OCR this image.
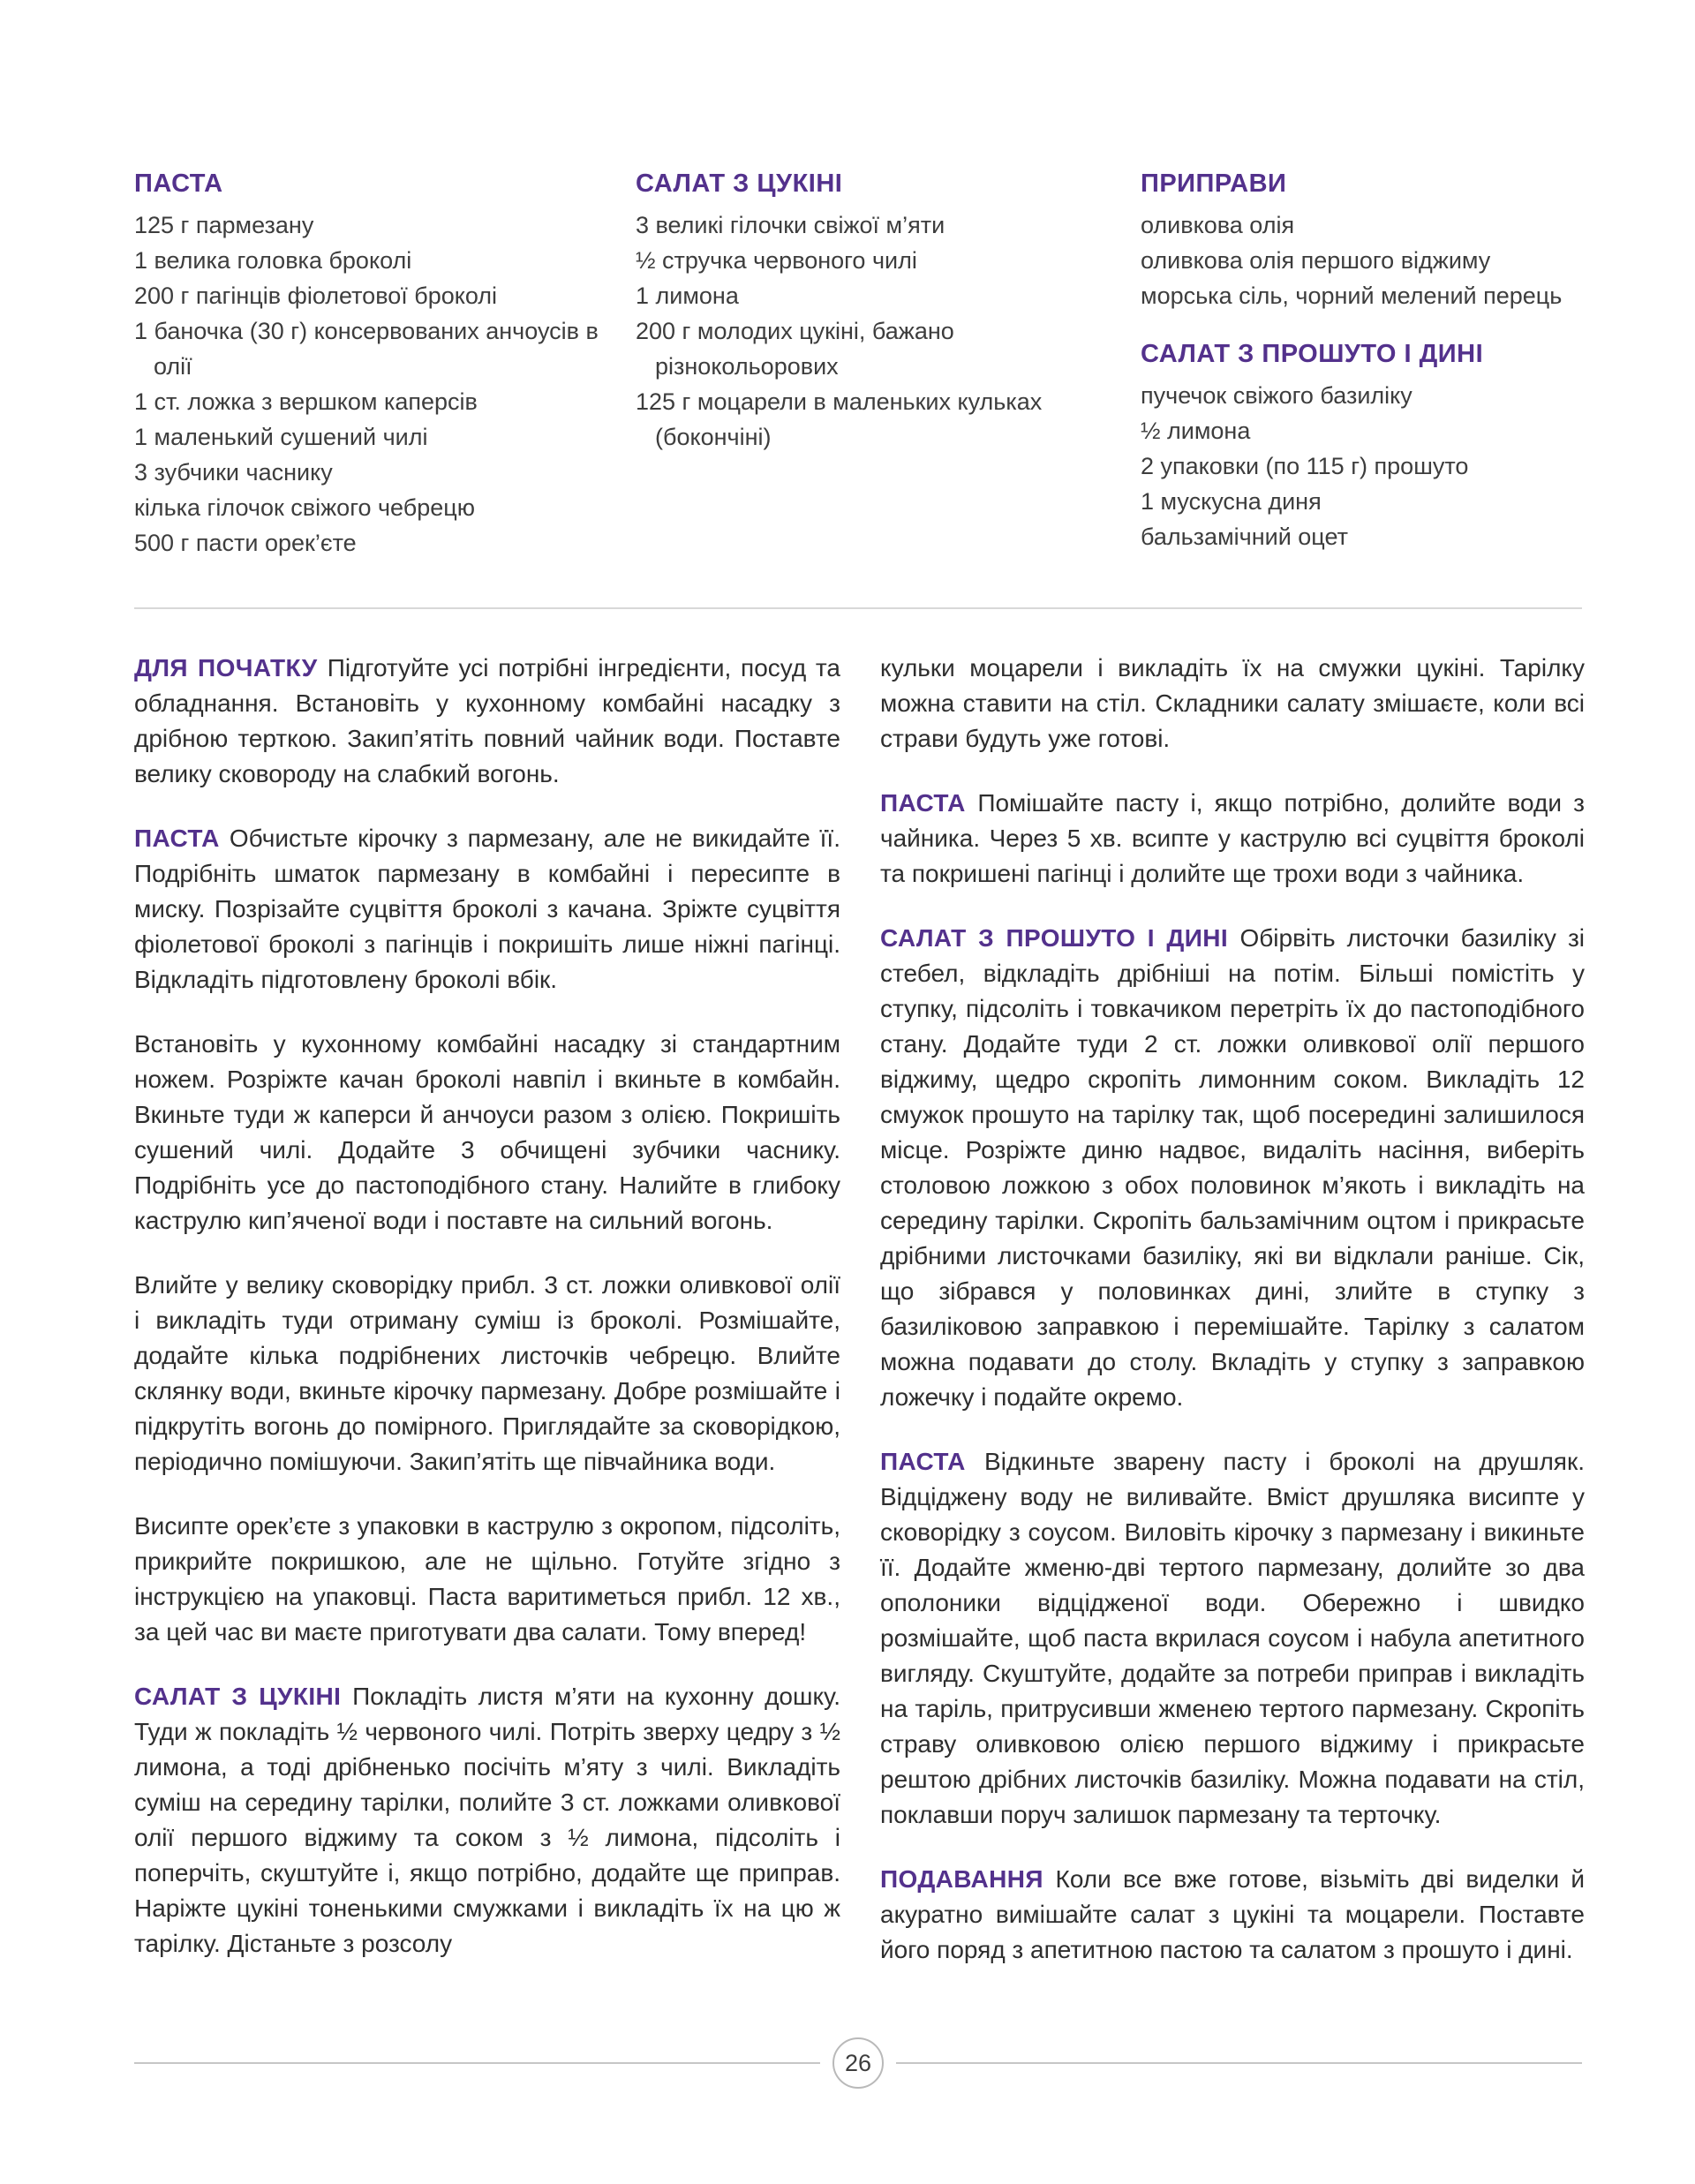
ПАСТА
125 г пармезану
1 велика головка броколі
200 г пагінців фіолетової броколі
1 баночка (30 г) консервованих анчоусів в олії
1 ст. ложка з вершком каперсів
1 маленький сушений чилі
3 зубчики часнику
кілька гілочок свіжого чебрецю
500 г пасти орек’єте
САЛАТ З ЦУКІНІ
3 великі гілочки свіжої м’яти
½ стручка червоного чилі
1 лимона
200 г молодих цукіні, бажано різнокольорових
125 г моцарели в маленьких кульках (бокончіні)
ПРИПРАВИ
оливкова олія
оливкова олія першого віджиму
морська сіль, чорний мелений перець
САЛАТ З ПРОШУТО І ДИНІ
пучечок свіжого базиліку
½ лимона
2 упаковки (по 115 г) прошуто
1 мускусна диня
бальзамічний оцет

ДЛЯ ПОЧАТКУ Підготуйте усі потрібні інгредієнти, посуд та обладнання. Встановіть у кухонному комбайні насадку з дрібною терткою. Закип’ятіть повний чайник води. Поставте велику сковороду на слабкий вогонь.

ПАСТА Обчистьте кірочку з пармезану, але не викидайте її. Подрібніть шматок пармезану в комбайні і пересипте в миску. Позрізайте суцвіття броколі з качана. Зріжте суцвіття фіолетової броколі з пагінців і покришіть лише ніжні пагінці. Відкладіть підготовлену броколі вбік.

Встановіть у кухонному комбайні насадку зі стандартним ножем. Розріжте качан броколі навпіл і вкиньте в комбайн. Вкиньте туди ж каперси й анчоуси разом з олією. Покришіть сушений чилі. Додайте 3 обчищені зубчики часнику. Подрібніть усе до пастоподібного стану. Налийте в глибоку каструлю кип’яченої води і поставте на сильний вогонь.

Влийте у велику сковорідку прибл. 3 ст. ложки оливкової олії і викладіть туди отриману суміш із броколі. Розмішайте, додайте кілька подрібнених листочків чебрецю. Влийте склянку води, вкиньте кірочку пармезану. Добре розмішайте і підкрутіть вогонь до помірного. Приглядайте за сковорідкою, періодично помішуючи. Закип’ятіть ще півчайника води.

Висипте орек’єте з упаковки в каструлю з окропом, підсоліть, прикрийте покришкою, але не щільно. Готуйте згідно з інструкцією на упаковці. Паста варитиметься прибл. 12 хв., за цей час ви маєте приготувати два салати. Тому вперед!

САЛАТ З ЦУКІНІ Покладіть листя м’яти на кухонну дошку. Туди ж покладіть ½ червоного чилі. Потріть зверху цедру з ½ лимона, а тоді дрібненько посічіть м’яту з чилі. Викладіть суміш на середину тарілки, полийте 3 ст. ложками оливкової олії першого віджиму та соком з ½ лимона, підсоліть і поперчіть, скуштуйте і, якщо потрібно, додайте ще приправ. Наріжте цукіні тоненькими смужками і викладіть їх на цю ж тарілку. Дістаньте з розсолу

кульки моцарели і викладіть їх на смужки цукіні. Тарілку можна ставити на стіл. Складники салату змішаєте, коли всі страви будуть уже готові.

ПАСТА Помішайте пасту і, якщо потрібно, долийте води з чайника. Через 5 хв. всипте у каструлю всі суцвіття броколі та покришені пагінці і долийте ще трохи води з чайника.

САЛАТ З ПРОШУТО І ДИНІ Обірвіть листочки базиліку зі стебел, відкладіть дрібніші на потім. Більші помістіть у ступку, підсоліть і товкачиком перетріть їх до пастоподібного стану. Додайте туди 2 ст. ложки оливкової олії першого віджиму, щедро скропіть лимонним соком. Викладіть 12 смужок прошуто на тарілку так, щоб посередині залишилося місце. Розріжте диню надвоє, видаліть насіння, виберіть столовою ложкою з обох половинок м’якоть і викладіть на середину тарілки. Скропіть бальзамічним оцтом і прикрасьте дрібними листочками базиліку, які ви відклали раніше. Сік, що зібрався у половинках дині, злийте в ступку з базиліковою заправкою і перемішайте. Тарілку з салатом можна подавати до столу. Вкладіть у ступку з заправкою ложечку і подайте окремо.

ПАСТА Відкиньте зварену пасту і броколі на друшляк. Відціджену воду не виливайте. Вміст друшляка висипте у сковорідку з соусом. Виловіть кірочку з пармезану і викиньте її. Додайте жменю-дві тертого пармезану, долийте зо два ополоники відцідженої води. Обережно і швидко розмішайте, щоб паста вкрилася соусом і набула апетитного вигляду. Скуштуйте, додайте за потреби приправ і викладіть на таріль, притрусивши жменею тертого пармезану. Скропіть страву оливковою олією першого віджиму і прикрасьте рештою дрібних листочків базиліку. Можна подавати на стіл, поклавши поруч залишок пармезану та терточку.

ПОДАВАННЯ Коли все вже готове, візьміть дві виделки й акуратно вимішайте салат з цукіні та моцарели. Поставте його поряд з апетитною пастою та салатом з прошуто і дині.

26
